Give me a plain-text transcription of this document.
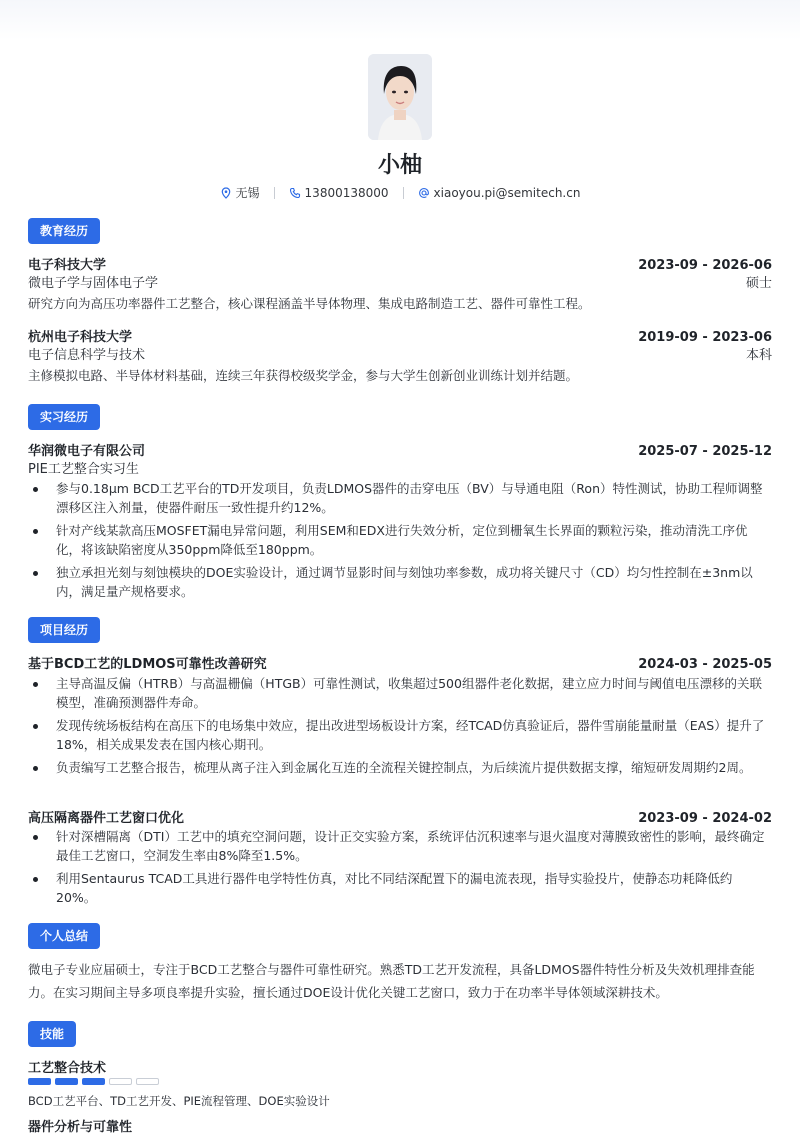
小柚
无锡	13800138000	xiaoyou.pi@semitech.cn
教育经历
电子科技大学	2023-09 - 2026-06
微电子学与固体电子学	硕士
研究方向为高压功率器件工艺整合，核心课程涵盖半导体物理、集成电路制造工艺、器件可靠性工程。
杭州电子科技大学	2019-09 - 2023-06
电子信息科学与技术	本科
主修模拟电路、半导体材料基础，连续三年获得校级奖学金，参与大学生创新创业训练计划并结题。
实习经历
华润微电子有限公司	2025-07 - 2025-12
PIE工艺整合实习生
参与0.18μm BCD工艺平台的TD开发项目，负责LDMOS器件的击穿电压（BV）与导通电阻（Ron）特性测试，协助工程师调整漂移区注入剂量，使器件耐压一致性提升约12%。
针对产线某款高压MOSFET漏电异常问题，利用SEM和EDX进行失效分析，定位到栅氧生长界面的颗粒污染，推动清洗工序优化，将该缺陷密度从350ppm降低至180ppm。
独立承担光刻与刻蚀模块的DOE实验设计，通过调节显影时间与刻蚀功率参数，成功将关键尺寸（CD）均匀性控制在±3nm以内，满足量产规格要求。
项目经历
基于BCD工艺的LDMOS可靠性改善研究	2024-03 - 2025-05
主导高温反偏（HTRB）与高温栅偏（HTGB）可靠性测试，收集超过500组器件老化数据，建立应力时间与阈值电压漂移的关联模型，准确预测器件寿命。
发现传统场板结构在高压下的电场集中效应，提出改进型场板设计方案，经TCAD仿真验证后，器件雪崩能量耐量（EAS）提升了18%，相关成果发表在国内核心期刊。
负责编写工艺整合报告，梳理从离子注入到金属化互连的全流程关键控制点，为后续流片提供数据支撑，缩短研发周期约2周。
高压隔离器件工艺窗口优化	2023-09 - 2024-02
针对深槽隔离（DTI）工艺中的填充空洞问题，设计正交实验方案，系统评估沉积速率与退火温度对薄膜致密性的影响，最终确定最佳工艺窗口，空洞发生率由8%降至1.5%。
利用Sentaurus TCAD工具进行器件电学特性仿真，对比不同结深配置下的漏电流表现，指导实验投片，使静态功耗降低约20%。
个人总结
微电子专业应届硕士，专注于BCD工艺整合与器件可靠性研究。熟悉TD工艺开发流程，具备LDMOS器件特性分析及失效机理排查能力。在实习期间主导多项良率提升实验，擅长通过DOE设计优化关键工艺窗口，致力于在功率半导体领域深耕技术。
技能
工艺整合技术
BCD工艺平台、TD工艺开发、PIE流程管理、DOE实验设计
器件分析与可靠性
